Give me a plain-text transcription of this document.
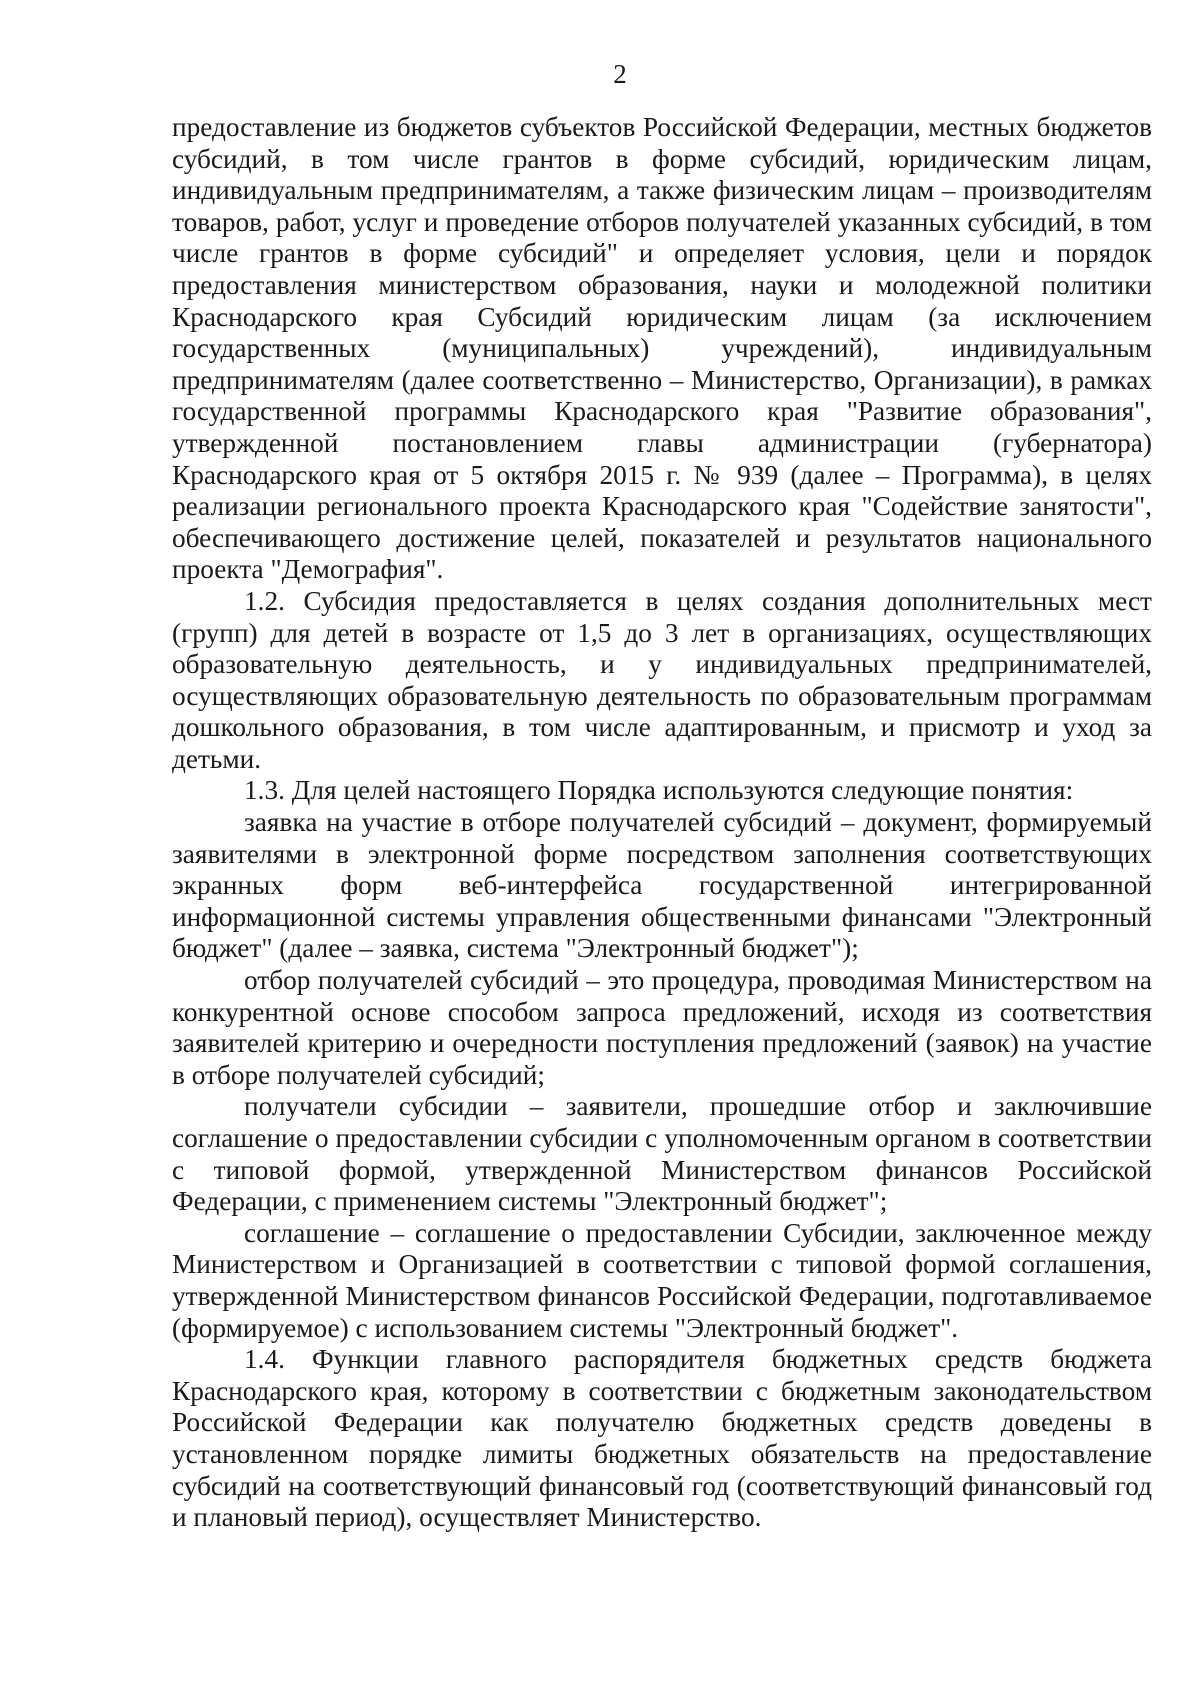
2

предоставление из бюджетов субъектов Российской Федерации, местных бюджетов субсидий, в том числе грантов в форме субсидий, юридическим лицам, индивидуальным предпринимателям, а также физическим лицам – производителям товаров, работ, услуг и проведение отборов получателей указанных субсидий, в том числе грантов в форме субсидий" и определяет условия, цели и порядок предоставления министерством образования, науки и молодежной политики Краснодарского края Субсидий юридическим лицам (за исключением государственных (муниципальных) учреждений), индивидуальным предпринимателям (далее соответственно – Министерство, Организации), в рамках государственной программы Краснодарского края "Развитие образования", утвержденной постановлением главы администрации (губернатора) Краснодарского края от 5 октября 2015 г. № 939 (далее – Программа), в целях реализации регионального проекта Краснодарского края "Содействие занятости", обеспечивающего достижение целей, показателей и результатов национального проекта "Демография".

1.2. Субсидия предоставляется в целях создания дополнительных мест (групп) для детей в возрасте от 1,5 до 3 лет в организациях, осуществляющих образовательную деятельность, и у индивидуальных предпринимателей, осуществляющих образовательную деятельность по образовательным программам дошкольного образования, в том числе адаптированным, и присмотр и уход за детьми.

1.3. Для целей настоящего Порядка используются следующие понятия:

заявка на участие в отборе получателей субсидий – документ, формируемый заявителями в электронной форме посредством заполнения соответствующих экранных форм веб-интерфейса государственной интегрированной информационной системы управления общественными финансами "Электронный бюджет" (далее – заявка, система "Электронный бюджет");

отбор получателей субсидий – это процедура, проводимая Министерством на конкурентной основе способом запроса предложений, исходя из соответствия заявителей критерию и очередности поступления предложений (заявок) на участие в отборе получателей субсидий;

получатели субсидии – заявители, прошедшие отбор и заключившие соглашение о предоставлении субсидии с уполномоченным органом в соответствии с типовой формой, утвержденной Министерством финансов Российской Федерации, с применением системы "Электронный бюджет";

соглашение – соглашение о предоставлении Субсидии, заключенное между Министерством и Организацией в соответствии с типовой формой соглашения, утвержденной Министерством финансов Российской Федерации, подготавливаемое (формируемое) с использованием системы "Электронный бюджет".

1.4. Функции главного распорядителя бюджетных средств бюджета Краснодарского края, которому в соответствии с бюджетным законодательством Российской Федерации как получателю бюджетных средств доведены в установленном порядке лимиты бюджетных обязательств на предоставление субсидий на соответствующий финансовый год (соответствующий финансовый год и плановый период), осуществляет Министерство.
